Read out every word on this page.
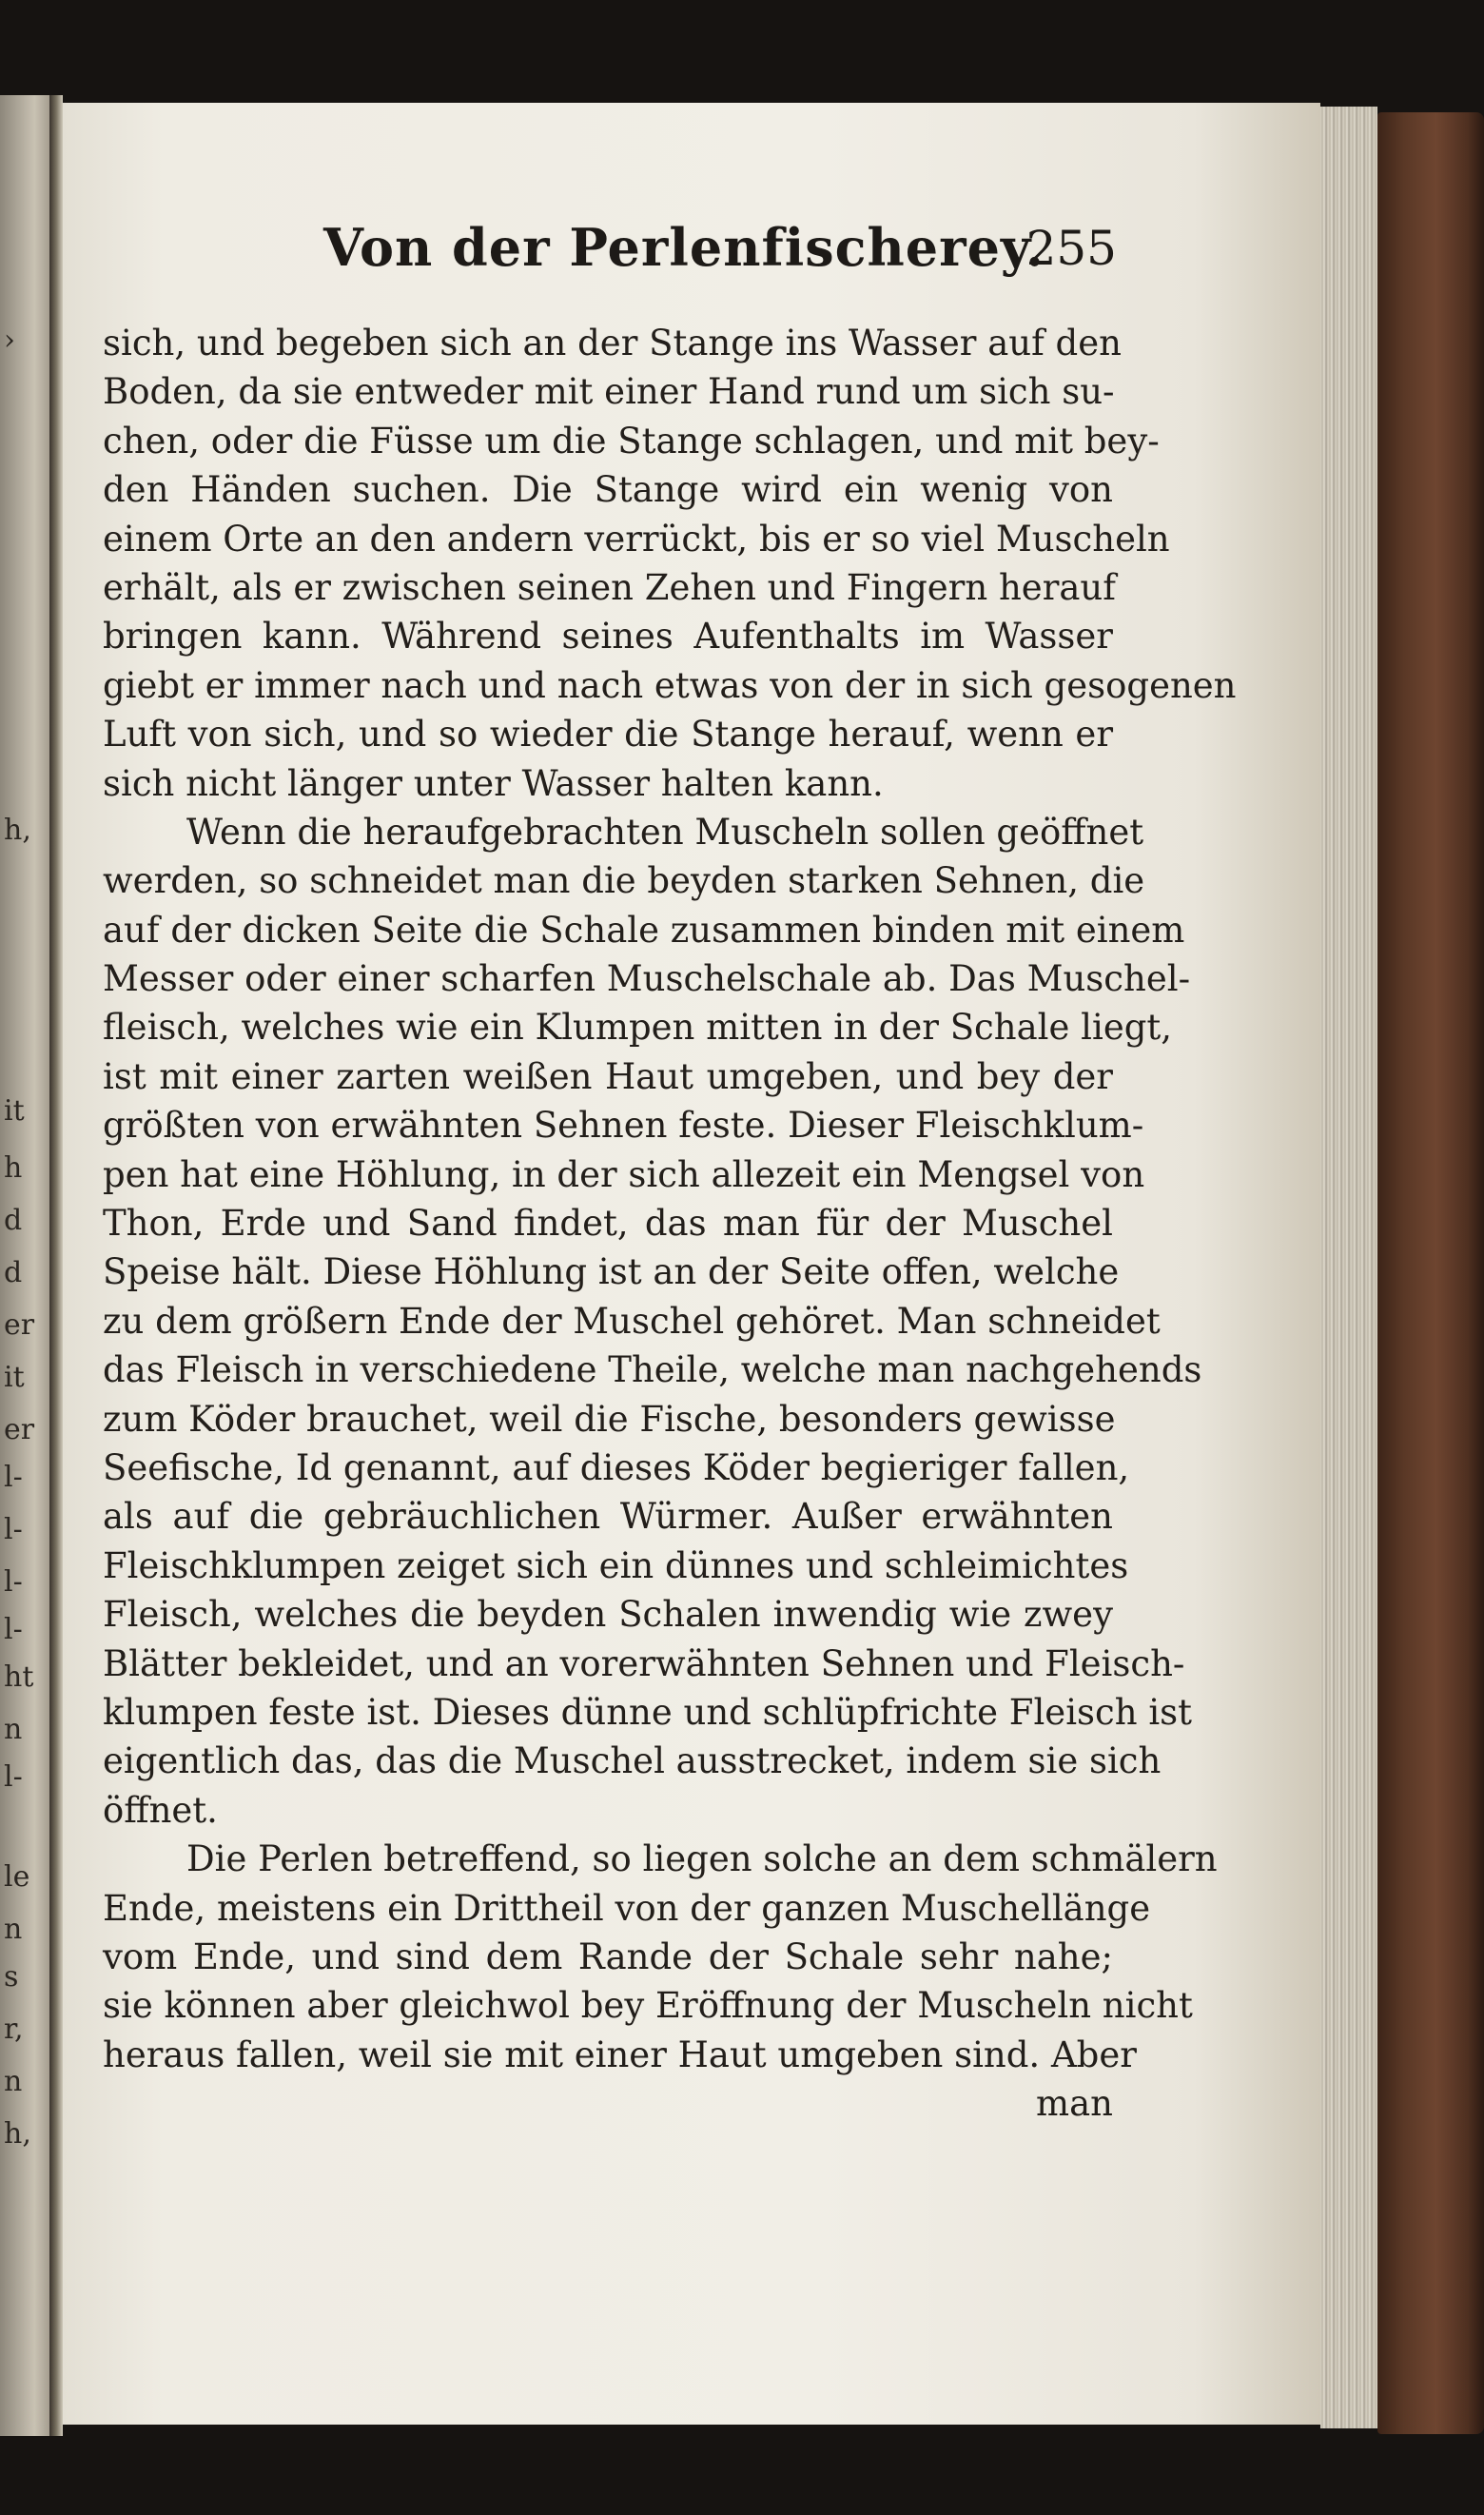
›
h,
it
h
d
d
er
it
er
l-
l-
l-
l-
ht
n
l-
le
n
s
r,
n
h,
Von der Perlenfischerey.
255
sich, und begeben sich an der Stange ins Wasser auf den
Boden, da sie entweder mit einer Hand rund um sich su-
chen, oder die Füsse um die Stange schlagen, und mit bey-
den Händen suchen. Die Stange wird ein wenig von
einem Orte an den andern verrückt, bis er so viel Muscheln
erhält, als er zwischen seinen Zehen und Fingern herauf
bringen kann. Während seines Aufenthalts im Wasser
giebt er immer nach und nach etwas von der in sich gesogenen
Luft von sich, und so wieder die Stange herauf, wenn er
sich nicht länger unter Wasser halten kann.
Wenn die heraufgebrachten Muscheln sollen geöffnet
werden, so schneidet man die beyden starken Sehnen, die
auf der dicken Seite die Schale zusammen binden mit einem
Messer oder einer scharfen Muschelschale ab. Das Muschel-
fleisch, welches wie ein Klumpen mitten in der Schale liegt,
ist mit einer zarten weißen Haut umgeben, und bey der
größten von erwähnten Sehnen feste. Dieser Fleischklum-
pen hat eine Höhlung, in der sich allezeit ein Mengsel von
Thon, Erde und Sand findet, das man für der Muschel
Speise hält. Diese Höhlung ist an der Seite offen, welche
zu dem größern Ende der Muschel gehöret. Man schneidet
das Fleisch in verschiedene Theile, welche man nachgehends
zum Köder brauchet, weil die Fische, besonders gewisse
Seefische, Id genannt, auf dieses Köder begieriger fallen,
als auf die gebräuchlichen Würmer. Außer erwähnten
Fleischklumpen zeiget sich ein dünnes und schleimichtes
Fleisch, welches die beyden Schalen inwendig wie zwey
Blätter bekleidet, und an vorerwähnten Sehnen und Fleisch-
klumpen feste ist. Dieses dünne und schlüpfrichte Fleisch ist
eigentlich das, das die Muschel ausstrecket, indem sie sich
öffnet.
Die Perlen betreffend, so liegen solche an dem schmälern
Ende, meistens ein Drittheil von der ganzen Muschellänge
vom Ende, und sind dem Rande der Schale sehr nahe;
sie können aber gleichwol bey Eröffnung der Muscheln nicht
heraus fallen, weil sie mit einer Haut umgeben sind. Aber
man
